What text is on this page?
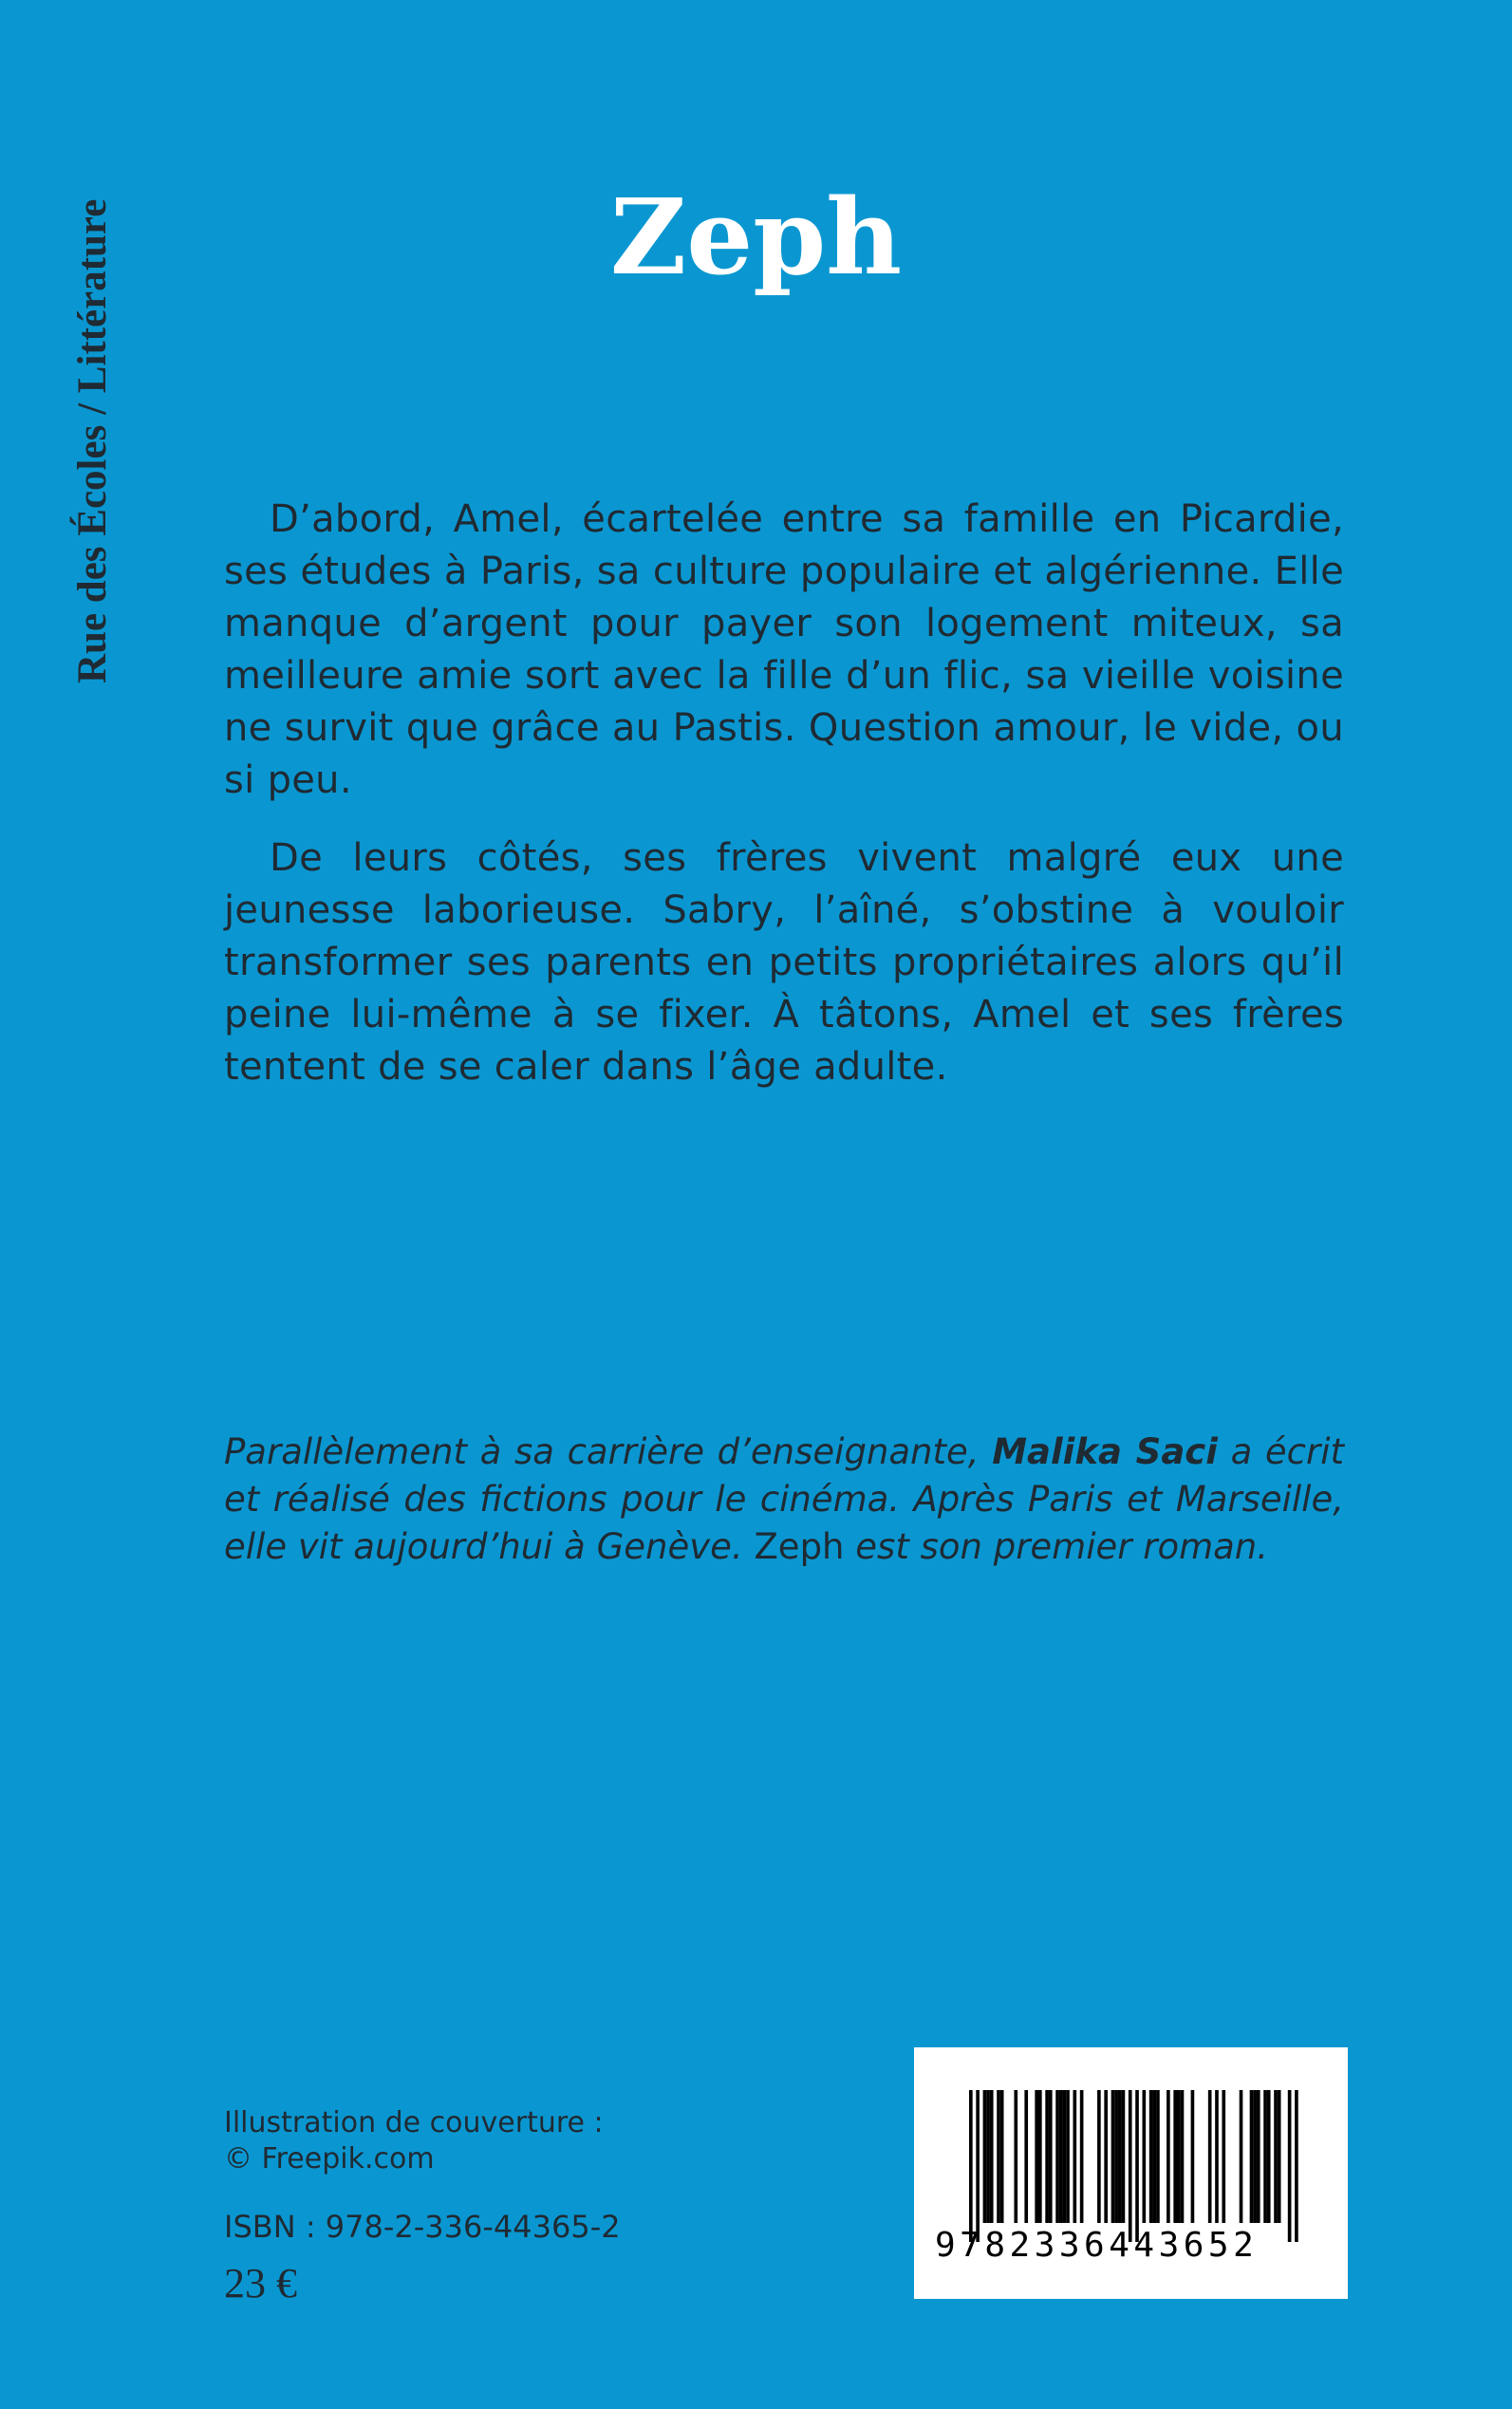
Rue des Écoles / Littérature	Zeph

D’abord, Amel, écartelée entre sa famille en Picardie, ses études à Paris, sa culture populaire et algérienne. Elle manque d’argent pour payer son logement miteux, sa meilleure amie sort avec la fille d’un flic, sa vieille voisine ne survit que grâce au Pastis. Question amour, le vide, ou si peu.

De leurs côtés, ses frères vivent malgré eux une jeunesse laborieuse. Sabry, l’aîné, s’obstine à vouloir transformer ses parents en petits propriétaires alors qu’il peine lui-même à se fixer. À tâtons, Amel et ses frères tentent de se caler dans l’âge adulte.

Parallèlement à sa carrière d’enseignante, Malika Saci a écrit et réalisé des fictions pour le cinéma. Après Paris et Marseille, elle vit aujourd’hui à Genève. Zeph est son premier roman.

Illustration de couverture :
© Freepik.com
ISBN : 978-2-336-44365-2
23 €
9782336443652
